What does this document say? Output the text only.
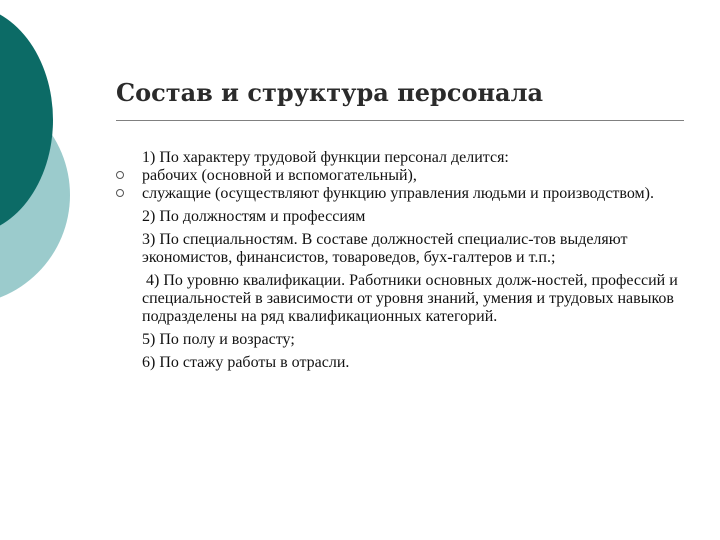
Состав и структура персонала

1) По характеру трудовой функции персонал делится:

рабочих (основной и вспомогательный),

служащие (осуществляют функцию управления людьми и производством).

2) По должностям и профессиям

3) По специальностям. В составе должностей специалис-тов выделяют экономистов, финансистов, товароведов, бух-галтеров и т.п.;

4) По уровню квалификации. Работники основных долж-ностей, профессий и специальностей в зависимости от уровня знаний, умения и трудовых навыков подразделены на ряд квалификационных категорий.

5) По полу и возрасту;

6) По стажу работы в отрасли.
